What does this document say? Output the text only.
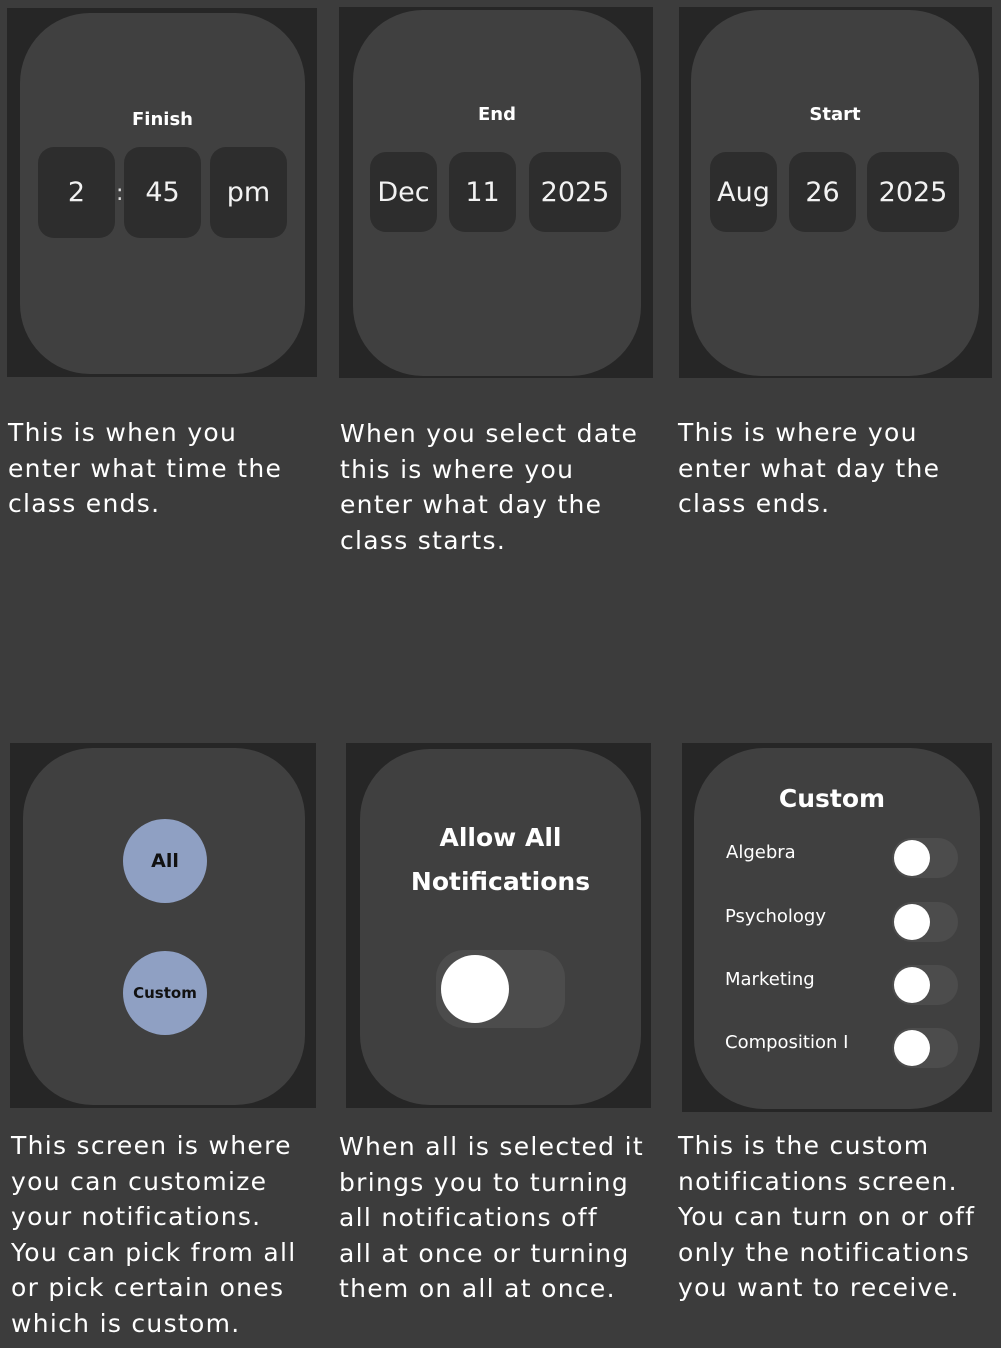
Finish
2	: 45	pm
This is when you
enter what time the
class ends.
End
Dec	11	2025
When you select date
this is where you
enter what day the
class starts.
Start
Aug	26	2025
This is where you
enter what day the
class ends.
All
Custom
This screen is where
you can customize
your notifications.
You can pick from all
or pick certain ones
which is custom.
Allow All
Notifications
When all is selected it
brings you to turning
all notifications off
all at once or turning
them on all at once.
Custom
Algebra
Psychology
Marketing
Composition I
This is the custom
notifications screen.
You can turn on or off
only the notifications
you want to receive.
